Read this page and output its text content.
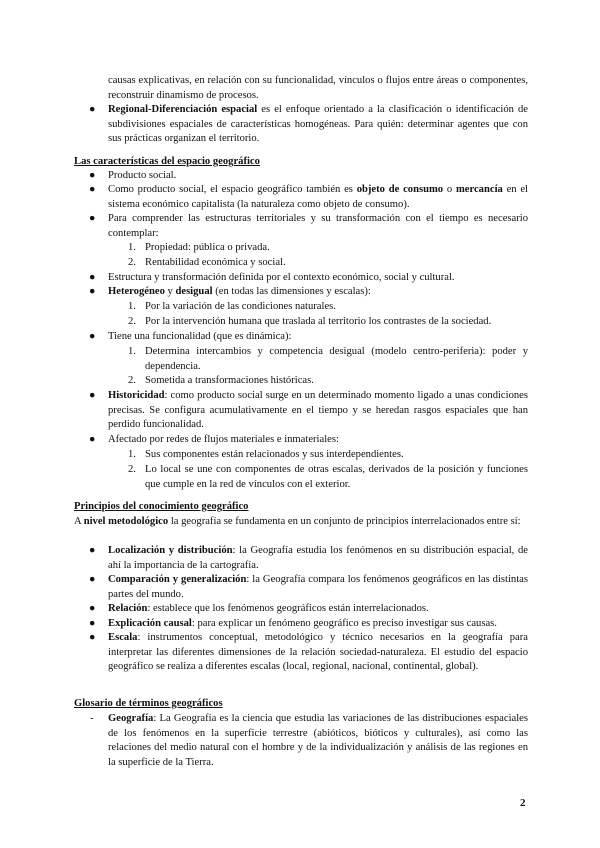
causas explicativas, en relación con su funcionalidad, vínculos o flujos entre áreas o componentes, reconstruir dinamismo de procesos.
● Regional-Diferenciación espacial es el enfoque orientado a la clasificación o identificación de subdivisiones espaciales de características homogéneas. Para quién: determinar agentes que con sus prácticas organizan el territorio.
Las características del espacio geográfico
● Producto social.
● Como producto social, el espacio geográfico también es objeto de consumo o mercancía en el sistema económico capitalista (la naturaleza como objeto de consumo).
● Para comprender las estructuras territoriales y su transformación con el tiempo es necesario contemplar:
1. Propiedad: pública o privada.
2. Rentabilidad económica y social.
● Estructura y transformación definida por el contexto económico, social y cultural.
● Heterogéneo y desigual (en todas las dimensiones y escalas):
1. Por la variación de las condiciones naturales.
2. Por la intervención humana que traslada al territorio los contrastes de la sociedad.
● Tiene una funcionalidad (que es dinámica):
1. Determina intercambios y competencia desigual (modelo centro-periferia): poder y dependencia.
2. Sometida a transformaciones históricas.
● Historicidad: como producto social surge en un determinado momento ligado a unas condiciones precisas. Se configura acumulativamente en el tiempo y se heredan rasgos espaciales que han perdido funcionalidad.
● Afectado por redes de flujos materiales e inmateriales:
1. Sus componentes están relacionados y sus interdependientes.
2. Lo local se une con componentes de otras escalas, derivados de la posición y funciones que cumple en la red de vínculos con el exterior.
Principios del conocimiento geográfico
A nivel metodológico la geografía se fundamenta en un conjunto de principios interrelacionados entre sí:
● Localización y distribución: la Geografía estudia los fenómenos en su distribución espacial, de ahí la importancia de la cartografía.
● Comparación y generalización: la Geografía compara los fenómenos geográficos en las distintas partes del mundo.
● Relación: establece que los fenómenos geográficos están interrelacionados.
● Explicación causal: para explicar un fenómeno geográfico es preciso investigar sus causas.
● Escala: instrumentos conceptual, metodológico y técnico necesarios en la geografía para interpretar las diferentes dimensiones de la relación sociedad-naturaleza. El estudio del espacio geográfico se realiza a diferentes escalas (local, regional, nacional, continental, global).
Glosario de términos geográficos
- Geografía: La Geografía es la ciencia que estudia las variaciones de las distribuciones espaciales de los fenómenos en la superficie terrestre (abióticos, bióticos y culturales), así como las relaciones del medio natural con el hombre y de la individualización y análisis de las regiones en la superficie de la Tierra.
2
